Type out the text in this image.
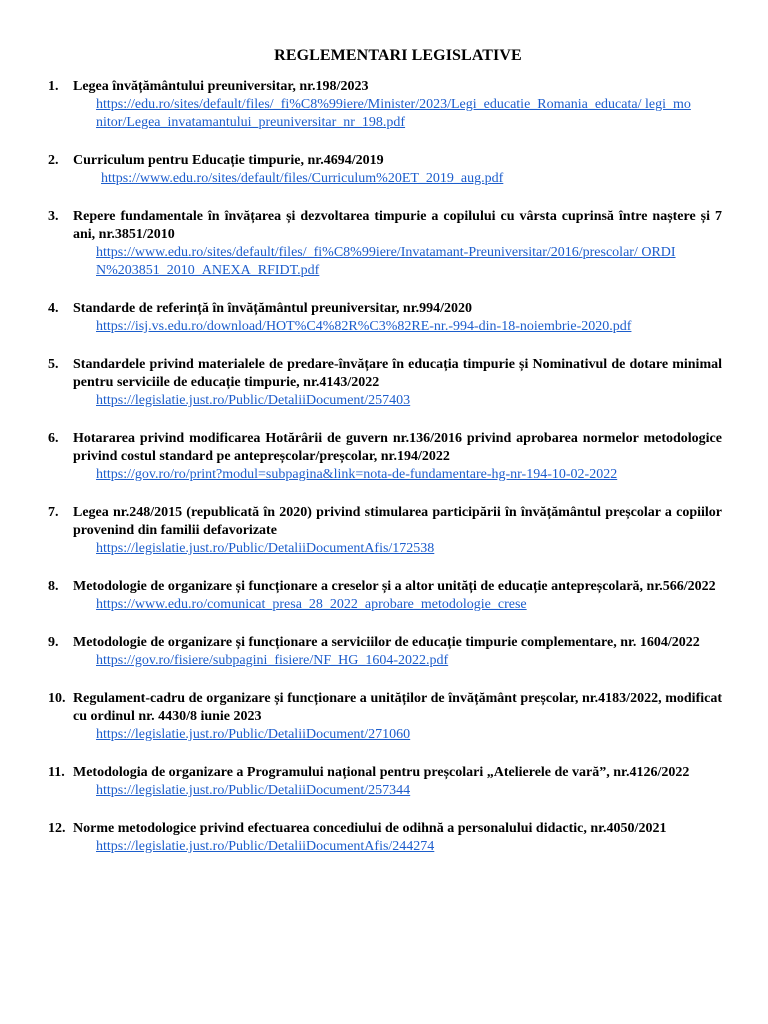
REGLEMENTARI LEGISLATIVE
1.	Legea învățământului preuniversitar, nr.198/2023
https://edu.ro/sites/default/files/_fi%C8%99iere/Minister/2023/Legi_educatie_Romania_educata/ legi_monitor/Legea_invatamantului_preuniversitar_nr_198.pdf
2.	Curriculum pentru Educație timpurie, nr.4694/2019
https://www.edu.ro/sites/default/files/Curriculum%20ET_2019_aug.pdf
3.	Repere fundamentale în învățarea și dezvoltarea timpurie a copilului cu vârsta cuprinsă între naștere și 7 ani, nr.3851/2010
https://www.edu.ro/sites/default/files/_fi%C8%99iere/Invatamant-Preuniversitar/2016/prescolar/ ORDIN%203851_2010_ANEXA_RFIDT.pdf
4.	Standarde de referință în învățământul preuniversitar, nr.994/2020
https://isj.vs.edu.ro/download/HOT%C4%82R%C3%82RE-nr.-994-din-18-noiembrie-2020.pdf
5.	Standardele privind materialele de predare-învățare în educația timpurie și Nominativul de dotare minimal pentru serviciile de educație timpurie, nr.4143/2022
https://legislatie.just.ro/Public/DetaliiDocument/257403
6.	Hotararea privind modificarea Hotărârii de guvern nr.136/2016 privind aprobarea normelor metodologice privind costul standard pe antepreșcolar/preșcolar, nr.194/2022
https://gov.ro/ro/print?modul=subpagina&link=nota-de-fundamentare-hg-nr-194-10-02-2022
7.	Legea nr.248/2015 (republicată în 2020) privind stimularea participării în învățământul preșcolar a copiilor provenind din familii defavorizate
https://legislatie.just.ro/Public/DetaliiDocumentAfis/172538
8.	Metodologie de organizare și funcționare a creselor și a altor unități de educație antepreșcolară, nr.566/2022
https://www.edu.ro/comunicat_presa_28_2022_aprobare_metodologie_crese
9.	Metodologie de organizare și funcționare a serviciilor de educație timpurie complementare, nr. 1604/2022
https://gov.ro/fisiere/subpagini_fisiere/NF_HG_1604-2022.pdf
10. Regulament-cadru de organizare și funcționare a unităților de învățământ preșcolar, nr.4183/2022, modificat cu ordinul nr. 4430/8 iunie 2023
https://legislatie.just.ro/Public/DetaliiDocument/271060
11. Metodologia de organizare a Programului național pentru preșcolari „Atelierele de vară”, nr.4126/2022
https://legislatie.just.ro/Public/DetaliiDocument/257344
12. Norme metodologice privind efectuarea concediului de odihnă a personalului didactic, nr.4050/2021
https://legislatie.just.ro/Public/DetaliiDocumentAfis/244274
